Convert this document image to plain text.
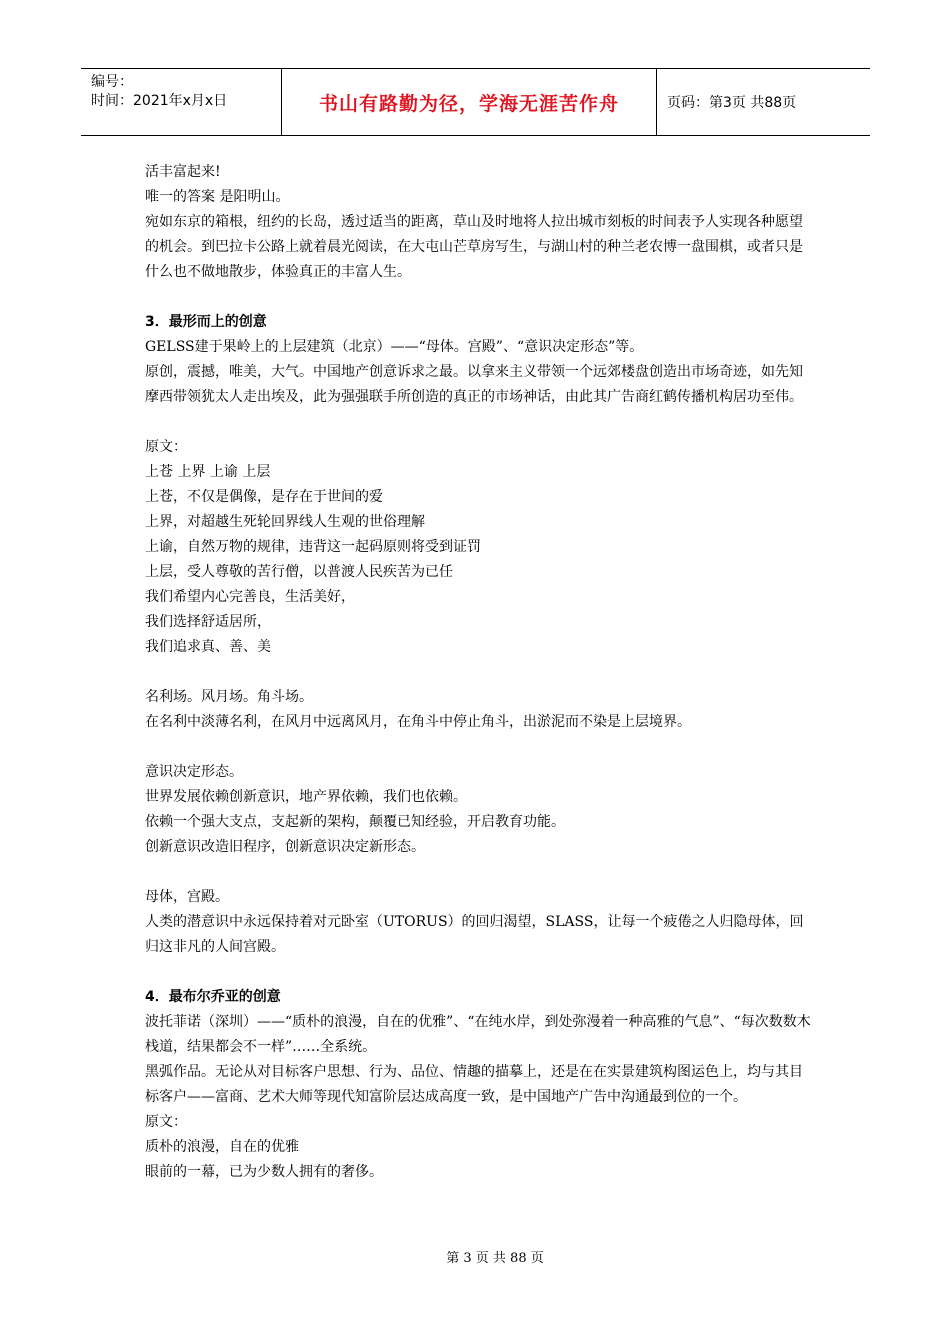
编号：
时间：2021年x月x日	书山有路勤为径，学海无涯苦作舟	页码：第3页 共88页

活丰富起来!

唯一的答案 是阳明山。

宛如东京的箱根，纽约的长岛，透过适当的距离，草山及时地将人拉出城市刻板的时间表予人实现各种愿望的机会。到巴拉卡公路上就着晨光阅读，在大屯山芒草房写生，与湖山村的种兰老农博一盘围棋，或者只是什么也不做地散步，体验真正的丰富人生。

3．最形而上的创意

GELSS建于果岭上的上层建筑（北京）——“母体。宫殿”、“意识决定形态”等。

原创，震撼，唯美，大气。中国地产创意诉求之最。以拿来主义带领一个远郊楼盘创造出市场奇迹，如先知摩西带领犹太人走出埃及，此为强强联手所创造的真正的市场神话，由此其广告商红鹤传播机构居功至伟。

原文：

上苍 上界 上谕 上层

上苍，不仅是偶像，是存在于世间的爱

上界，对超越生死轮回界线人生观的世俗理解

上谕，自然万物的规律，违背这一起码原则将受到证罚

上层，受人尊敬的苦行僧，以普渡人民疾苦为已任

我们希望内心完善良，生活美好，

我们选择舒适居所，

我们追求真、善、美

名利场。风月场。角斗场。

在名利中淡薄名利，在风月中远离风月，在角斗中停止角斗，出淤泥而不染是上层境界。

意识决定形态。

世界发展依赖创新意识，地产界依赖，我们也依赖。

依赖一个强大支点，支起新的架构，颠覆已知经验，开启教育功能。

创新意识改造旧程序，创新意识决定新形态。

母体，宫殿。

人类的潜意识中永远保持着对元卧室（UTORUS）的回归渴望，SLASS，让每一个疲倦之人归隐母体，回归这非凡的人间宫殿。

4．最布尔乔亚的创意

波托菲诺（深圳）——“质朴的浪漫，自在的优雅”、“在纯水岸，到处弥漫着一种高雅的气息”、“每次数数木栈道，结果都会不一样”……全系统。

黑弧作品。无论从对目标客户思想、行为、品位、情趣的描摹上，还是在在实景建筑构图运色上，均与其目标客户——富商、艺术大师等现代知富阶层达成高度一致，是中国地产广告中沟通最到位的一个。

原文：

质朴的浪漫，自在的优雅

眼前的一幕，已为少数人拥有的奢侈。

第 3 页 共 88 页
